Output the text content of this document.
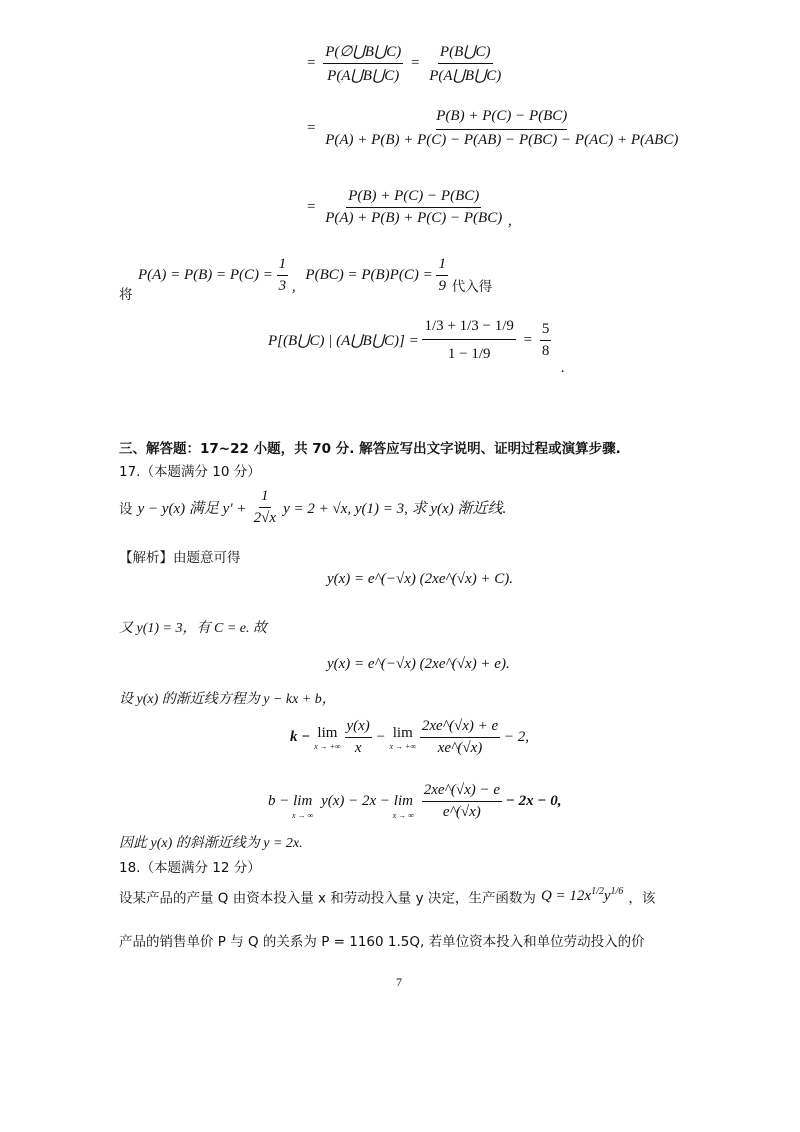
= $\frac{P(\emptyset⋃B⋃C)}{P(A⋃B⋃C)} = \frac{P(B⋃C)}{P(A⋃B⋃C)}$
= $\frac{P(B) + P(C) - P(BC)}{\text{P(A) + P(B) + P(C) − P(AB) − P(BC) − P(AC) + P(ABC)}}$
= $\frac{P(B) + P(C) - P(BC)}{P(A) + P(B) + P(C) - P(BC)}$ ,
将
$P(A) = P(B) = P(C) = \frac{1}{3}$ , $P(BC) = P(B)P(C) = \frac{1}{9}$ 代入得
P[(B⋃C) | (A⋃B⋃C)] = $\frac{1/3 + 1/3 - 1/9}{1 - 1/9} = \frac{5}{8}$
.
三、解答题：17~22 小题，共 70 分. 解答应写出文字说明、证明过程或演算步骤.
17.（本题满分 10 分）
设 y − y(x) 满足 $y' + \frac{1}{2√x}$ y = 2 + √x, y(1) = 3, 求 y(x) 渐近线.
【解析】由题意可得
y(x) = e^(−√x) (2xe^(√x) + C).
又 y(1) = 3，有 C = e. 故
y(x) = e^(−√x) (2xe^(√x) + e).
设 y(x) 的渐近线方程为 y − kx + b，
k − lim
x → +∞
$\frac{y(x)}{x} - \lim$
x → +∞
$\frac{2xe\^{}(√x) + e}{xe\^{}(√x)} - 2$,
b − lim
x → ∞
y(x) − 2x − lim
x → ∞
$\frac{2xe\^{}(√x) - e}{e\^{}(√x)} - 2x - 0$,
因此 y(x) 的斜渐近线为 y = 2x.
18.（本题满分 12 分）
设某产品的产量 Q 由资本投入量 x 和劳动投入量 y 决定，生产函数为 $Q = 12x^{1/2}y^{1/6}$ ，该
产品的销售单价 P 与 Q 的关系为 P = 1160 1.5Q, 若单位资本投入和单位劳动投入的价
7
